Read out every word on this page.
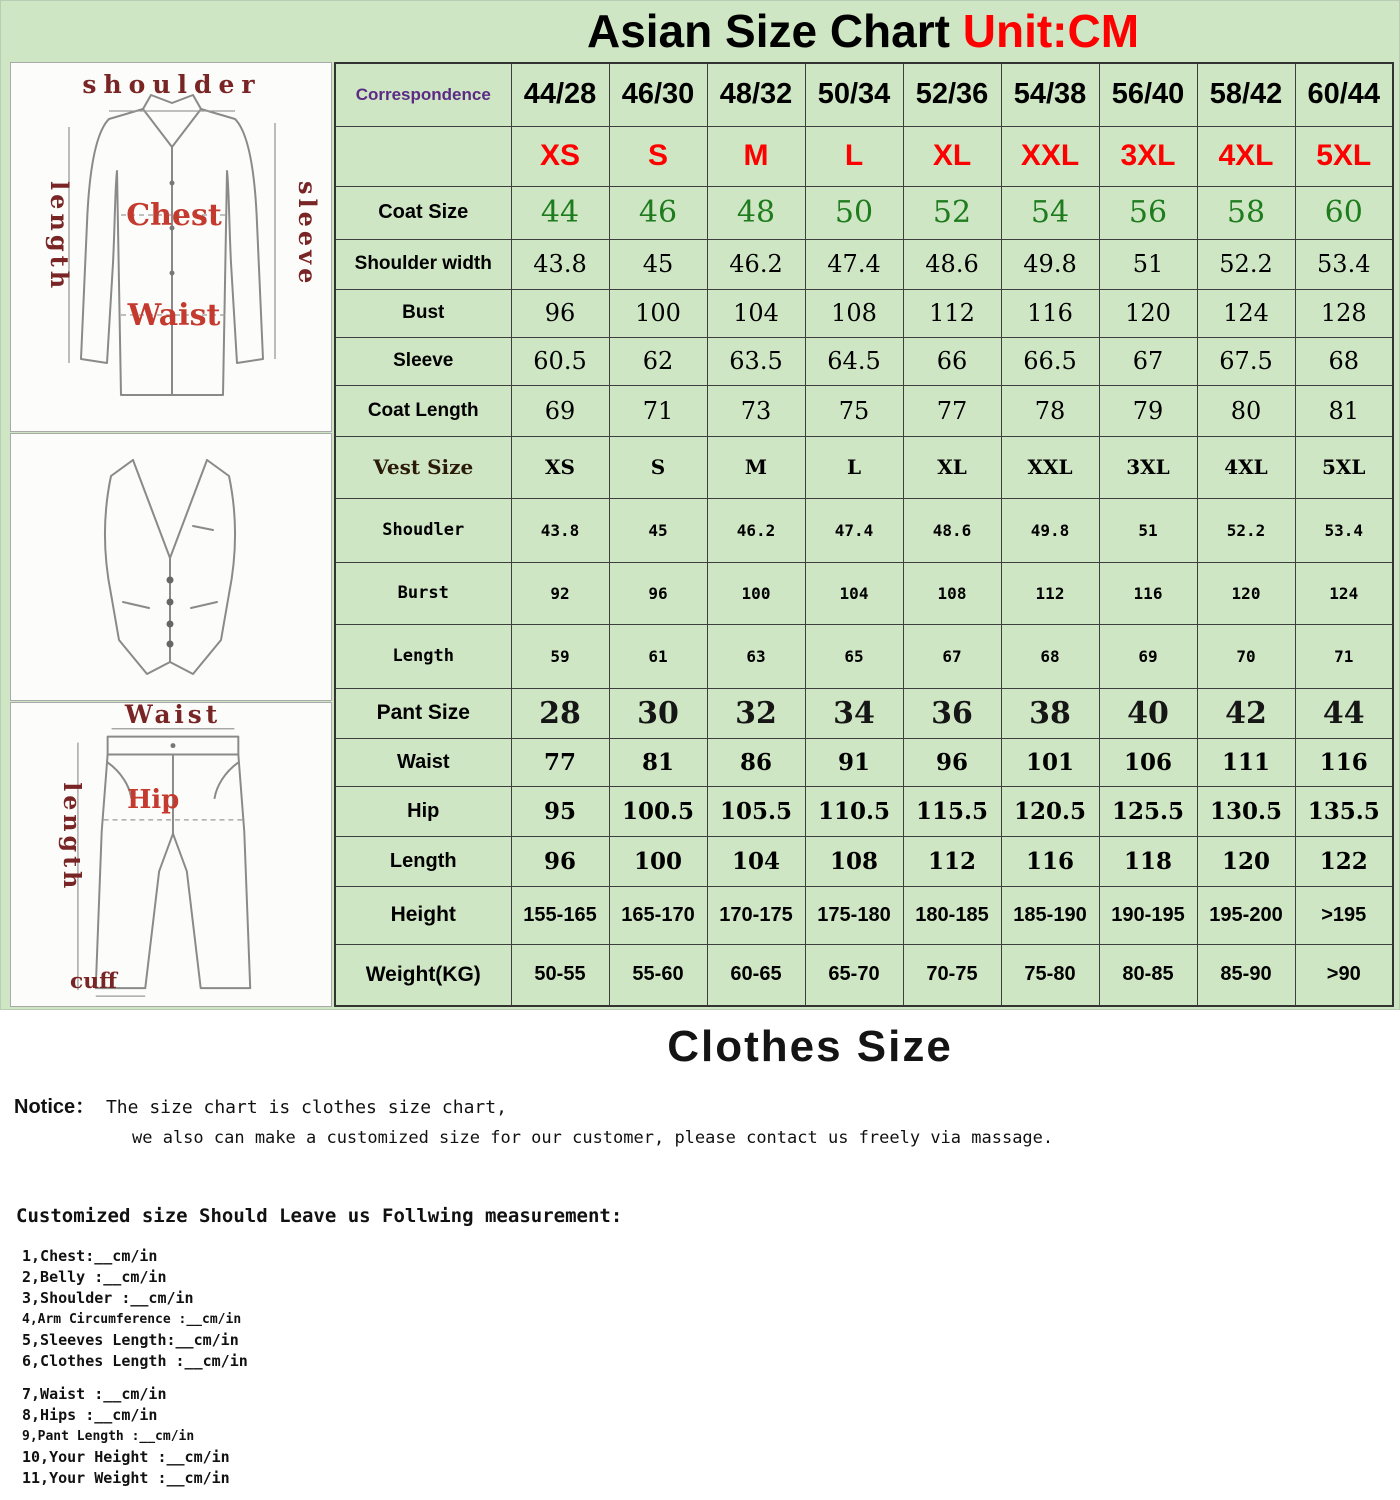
Asian Size Chart Unit:CM
shoulder
length	sleeve
Chest
Waist
Waist
length Hip
cuff
Correspondence	44/28	46/30	48/32	50/34	52/36	54/38	56/40	58/42	60/44
	XS	S	M	L	XL	XXL	3XL	4XL	5XL
Coat Size	44	46	48	50	52	54	56	58	60
Shoulder width	43.8	45	46.2	47.4	48.6	49.8	51	52.2	53.4
Bust	96	100	104	108	112	116	120	124	128
Sleeve	60.5	62	63.5	64.5	66	66.5	67	67.5	68
Coat Length	69	71	73	75	77	78	79	80	81
Vest Size	XS	S	M	L	XL	XXL	3XL	4XL	5XL
Shoudler	43.8	45	46.2	47.4	48.6	49.8	51	52.2	53.4
Burst	92	96	100	104	108	112	116	120	124
Length	59	61	63	65	67	68	69	70	71
Pant Size	28	30	32	34	36	38	40	42	44
Waist	77	81	86	91	96	101	106	111	116
Hip	95	100.5	105.5	110.5	115.5	120.5	125.5	130.5	135.5
Length	96	100	104	108	112	116	118	120	122
Height	155-165	165-170	170-175	175-180	180-185	185-190	190-195	195-200	>195
Weight(KG)	50-55	55-60	60-65	65-70	70-75	75-80	80-85	85-90	>90
Clothes Size
Notice： The size chart is clothes size chart,
we also can make a customized size for our customer, please contact us freely via massage.
Customized size Should Leave us Follwing measurement:
1,Chest:__cm/in
2,Belly :__cm/in
3,Shoulder :__cm/in
4,Arm Circumference :__cm/in
5,Sleeves Length:__cm/in
6,Clothes Length :__cm/in
7,Waist :__cm/in
8,Hips :__cm/in
9,Pant Length :__cm/in
10,Your Height :__cm/in
11,Your Weight :__cm/in
